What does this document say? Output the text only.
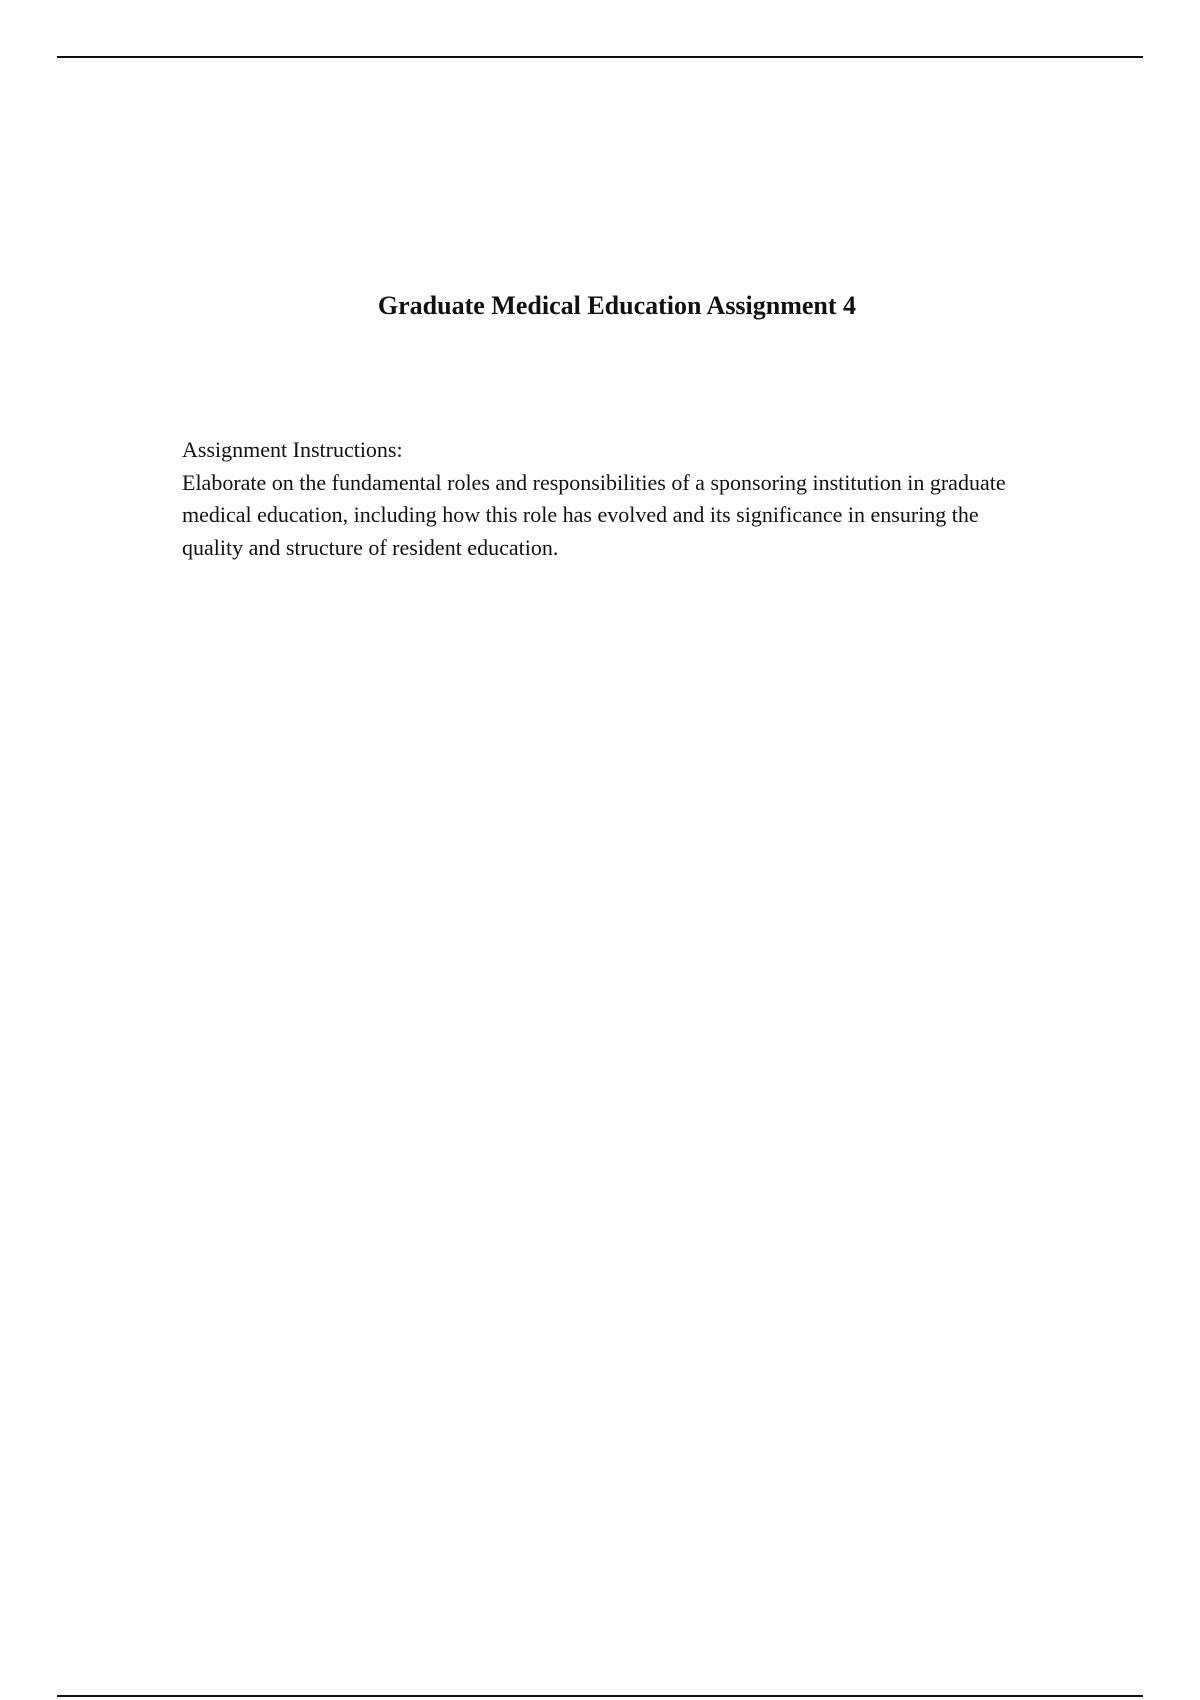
Graduate Medical Education Assignment 4

Assignment Instructions:

Elaborate on the fundamental roles and responsibilities of a sponsoring institution in graduate medical education, including how this role has evolved and its significance in ensuring the quality and structure of resident education.
